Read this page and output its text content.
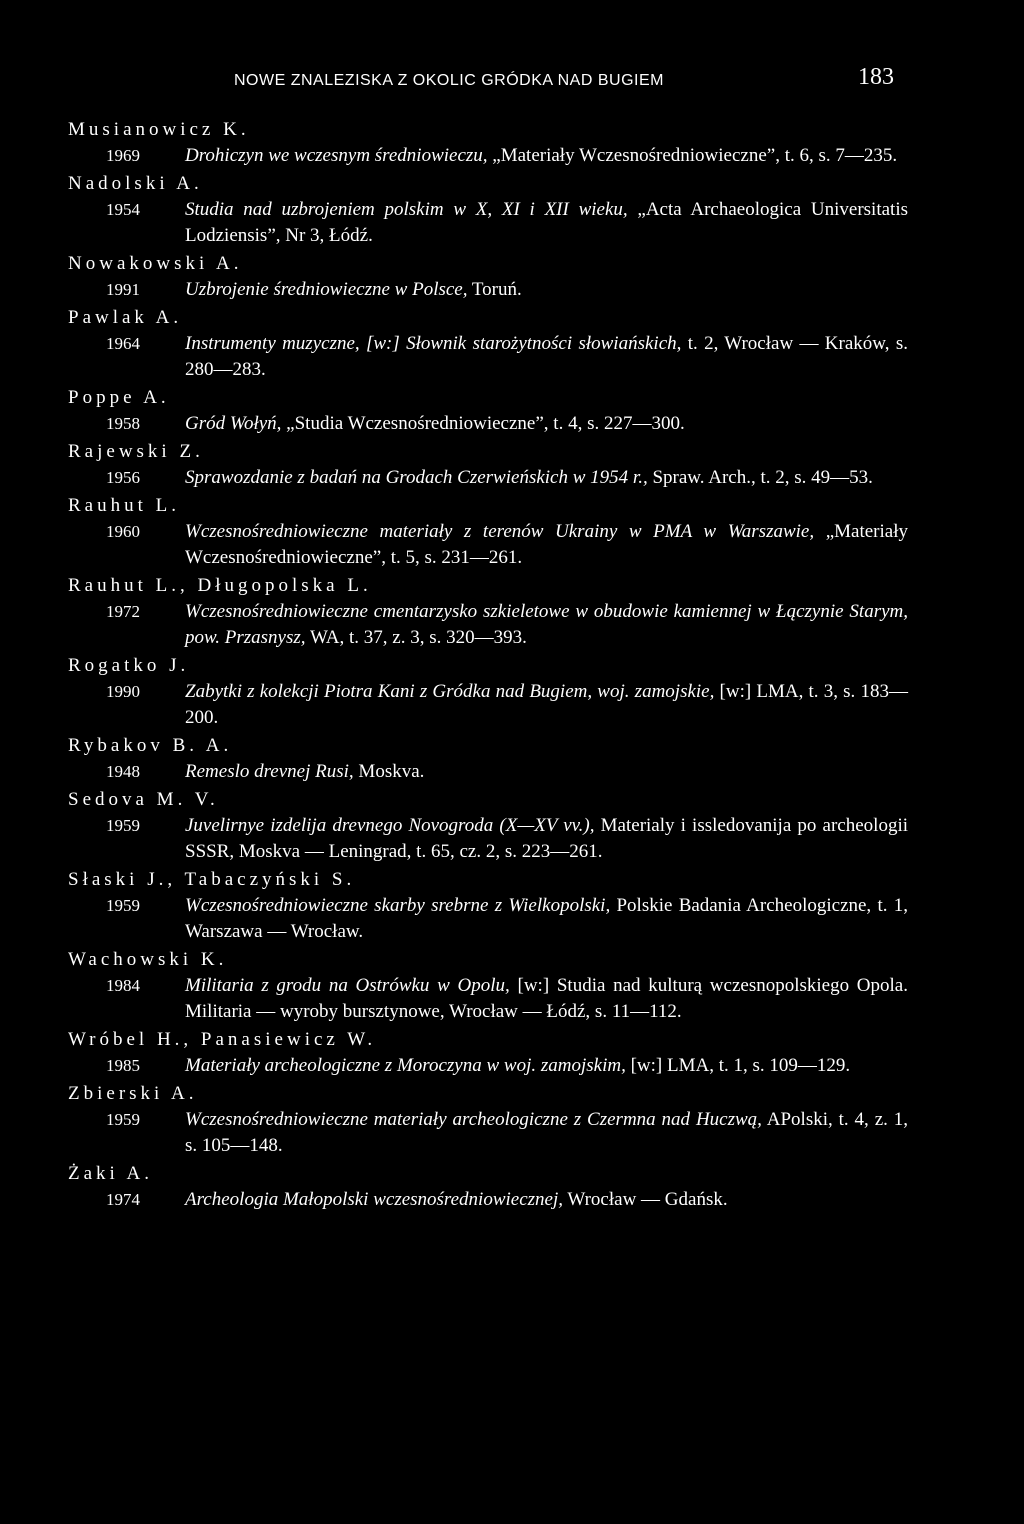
NOWE ZNALEZISKA Z OKOLIC GRÓDKA NAD BUGIEM	183

Musianowicz K.

1969	Drohiczyn we wczesnym średniowieczu, „Materiały Wczesnośredniowieczne”, t. 6, s. 7—235.

Nadolski A.

1954	Studia nad uzbrojeniem polskim w X, XI i XII wieku, „Acta Archaeologica Universitatis Lodziensis”, Nr 3, Łódź.

Nowakowski A.

1991	Uzbrojenie średniowieczne w Polsce, Toruń.

Pawlak A.

1964	Instrumenty muzyczne, [w:] Słownik starożytności słowiańskich, t. 2, Wrocław — Kraków, s. 280—283.

Poppe A.

1958	Gród Wołyń, „Studia Wczesnośredniowieczne”, t. 4, s. 227—300.

Rajewski Z.

1956	Sprawozdanie z badań na Grodach Czerwieńskich w 1954 r., Spraw. Arch., t. 2, s. 49—53.

Rauhut L.

1960	Wczesnośredniowieczne materiały z terenów Ukrainy w PMA w Warszawie, „Materiały Wczesnośredniowieczne”, t. 5, s. 231—261.

Rauhut L., Długopolska L.

1972	Wczesnośredniowieczne cmentarzysko szkieletowe w obudowie kamiennej w Łączynie Starym, pow. Przasnysz, WA, t. 37, z. 3, s. 320—393.

Rogatko J.

1990	Zabytki z kolekcji Piotra Kani z Gródka nad Bugiem, woj. zamojskie, [w:] LMA, t. 3, s. 183—200.

Rybakov B. A.

1948	Remeslo drevnej Rusi, Moskva.

Sedova M. V.

1959	Juvelirnye izdelija drevnego Novogroda (X—XV vv.), Materialy i issledovanija po archeologii SSSR, Moskva — Leningrad, t. 65, cz. 2, s. 223—261.

Słaski J., Tabaczyński S.

1959	Wczesnośredniowieczne skarby srebrne z Wielkopolski, Polskie Badania Archeologiczne, t. 1, Warszawa — Wrocław.

Wachowski K.

1984	Militaria z grodu na Ostrówku w Opolu, [w:] Studia nad kulturą wczesnopolskiego Opola. Militaria — wyroby bursztynowe, Wrocław — Łódź, s. 11—112.

Wróbel H., Panasiewicz W.

1985	Materiały archeologiczne z Moroczyna w woj. zamojskim, [w:] LMA, t. 1, s. 109—129.

Zbierski A.

1959	Wczesnośredniowieczne materiały archeologiczne z Czermna nad Huczwą, APolski, t. 4, z. 1, s. 105—148.

Żaki A.

1974	Archeologia Małopolski wczesnośredniowiecznej, Wrocław — Gdańsk.
